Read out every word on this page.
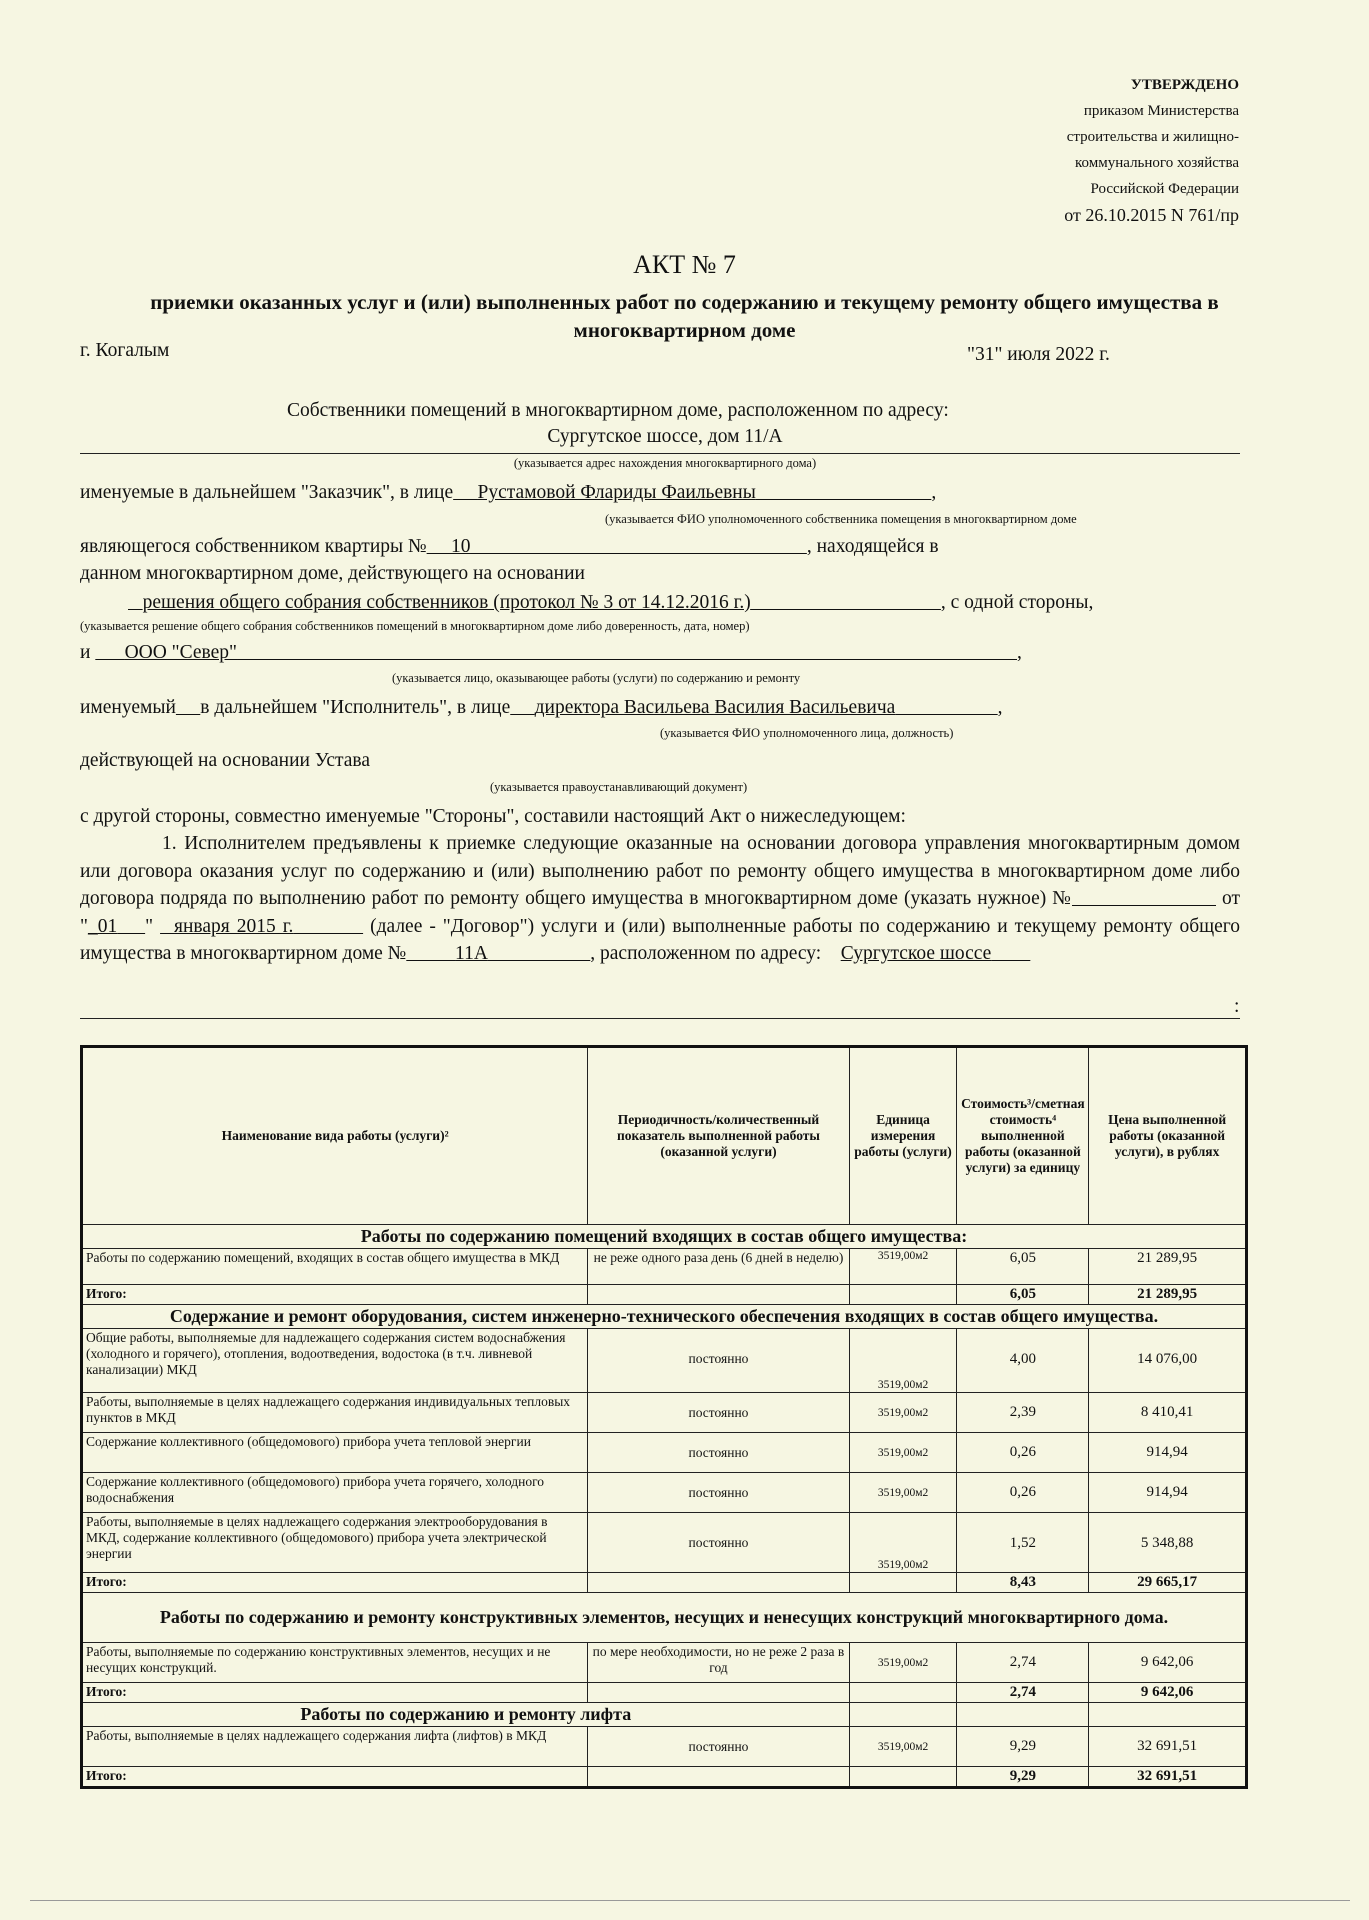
УТВЕРЖДЕНО
приказом Министерства
строительства и жилищно-
коммунального хозяйства
Российской Федерации
от 26.10.2015 N 761/пр
АКТ № 7
приемки оказанных услуг и (или) выполненных работ по содержанию и текущему ремонту общего имущества в многоквартирном доме
г. Когалым	"31" июля 2022 г.
Собственники помещений в многоквартирном доме, расположенном по адресу:
Сургутское шоссе, дом 11/А
(указывается адрес нахождения многоквартирного дома)
именуемые в дальнейшем "Заказчик", в лице Рустамовой Флариды Фаильевны	,
(указывается ФИО уполномоченного собственника помещения в многоквартирном доме
являющегося собственником квартиры № 10	, находящейся в
данном многоквартирном доме, действующего на основании
решения общего собрания собственников (протокол № 3 от 14.12.2016 г.)	, с одной стороны,
(указывается решение общего собрания собственников помещений в многоквартирном доме либо доверенность, дата, номер)
и ООО "Север"	,
(указывается лицо, оказывающее работы (услуги) по содержанию и ремонту
именуемый в дальнейшем "Исполнитель", в лице директора Васильева Василия Васильевича	,
(указывается ФИО уполномоченного лица, должность)
действующей на основании Устава
(указывается правоустанавливающий документ)
с другой стороны, совместно именуемые "Стороны", составили настоящий Акт о нижеследующем:
1. Исполнителем предъявлены к приемке следующие оказанные на основании договора управления многоквартирным домом или договора оказания услуг по содержанию и (или) выполнению работ по ремонту общего имущества в многоквартирном доме либо договора подряда по выполнению работ по ремонту общего имущества в многоквартирном доме (указать нужное) №	от "_01 " января 2015 г.	(далее - "Договор") услуги и (или) выполненные работы по содержанию и текущему ремонту общего имущества в многоквартирном доме №	11А	, расположенном по адресу: Сургутское шоссе
:
Наименование вида работы (услуги)²	Периодичность/количественный показатель выполненной работы (оказанной услуги)	Единица измерения работы (услуги)	Стоимость³/сметная стоимость⁴ выполненной работы (оказанной услуги) за единицу	Цена выполненной работы (оказанной услуги), в рублях
Работы по содержанию помещений входящих в состав общего имущества:				
Работы по содержанию помещений, входящих в состав общего имущества в МКД	не реже одного раза день (6 дней в неделю)	3519,00м2	6,05	21 289,95
Итого:			6,05	21 289,95
Содержание и ремонт оборудования, систем инженерно-технического обеспечения входящих в состав общего имущества.				
Общие работы, выполняемые для надлежащего содержания систем водоснабжения (холодного и горячего), отопления, водоотведения, водостока (в т.ч. ливневой канализации) МКД	постоянно	3519,00м2	4,00	14 076,00
Работы, выполняемые в целях надлежащего содержания индивидуальных тепловых пунктов в МКД	постоянно	3519,00м2	2,39	8 410,41
Содержание коллективного (общедомового) прибора учета тепловой энергии	постоянно	3519,00м2	0,26	914,94
Содержание коллективного (общедомового) прибора учета горячего, холодного водоснабжения	постоянно	3519,00м2	0,26	914,94
Работы, выполняемые в целях надлежащего содержания электрооборудования в МКД, содержание коллективного (общедомового) прибора учета электрической энергии	постоянно	3519,00м2	1,52	5 348,88
Итого:			8,43	29 665,17
Работы по содержанию и ремонту конструктивных элементов, несущих и ненесущих конструкций многоквартирного дома.				
Работы, выполняемые по содержанию конструктивных элементов, несущих и не несущих конструкций.	по мере необходимости, но не реже 2 раза в год	3519,00м2	2,74	9 642,06
Итого:			2,74	9 642,06
Работы по содержанию и ремонту лифта				
Работы, выполняемые в целях надлежащего содержания лифта (лифтов) в МКД	постоянно	3519,00м2	9,29	32 691,51
Итого:			9,29	32 691,51
